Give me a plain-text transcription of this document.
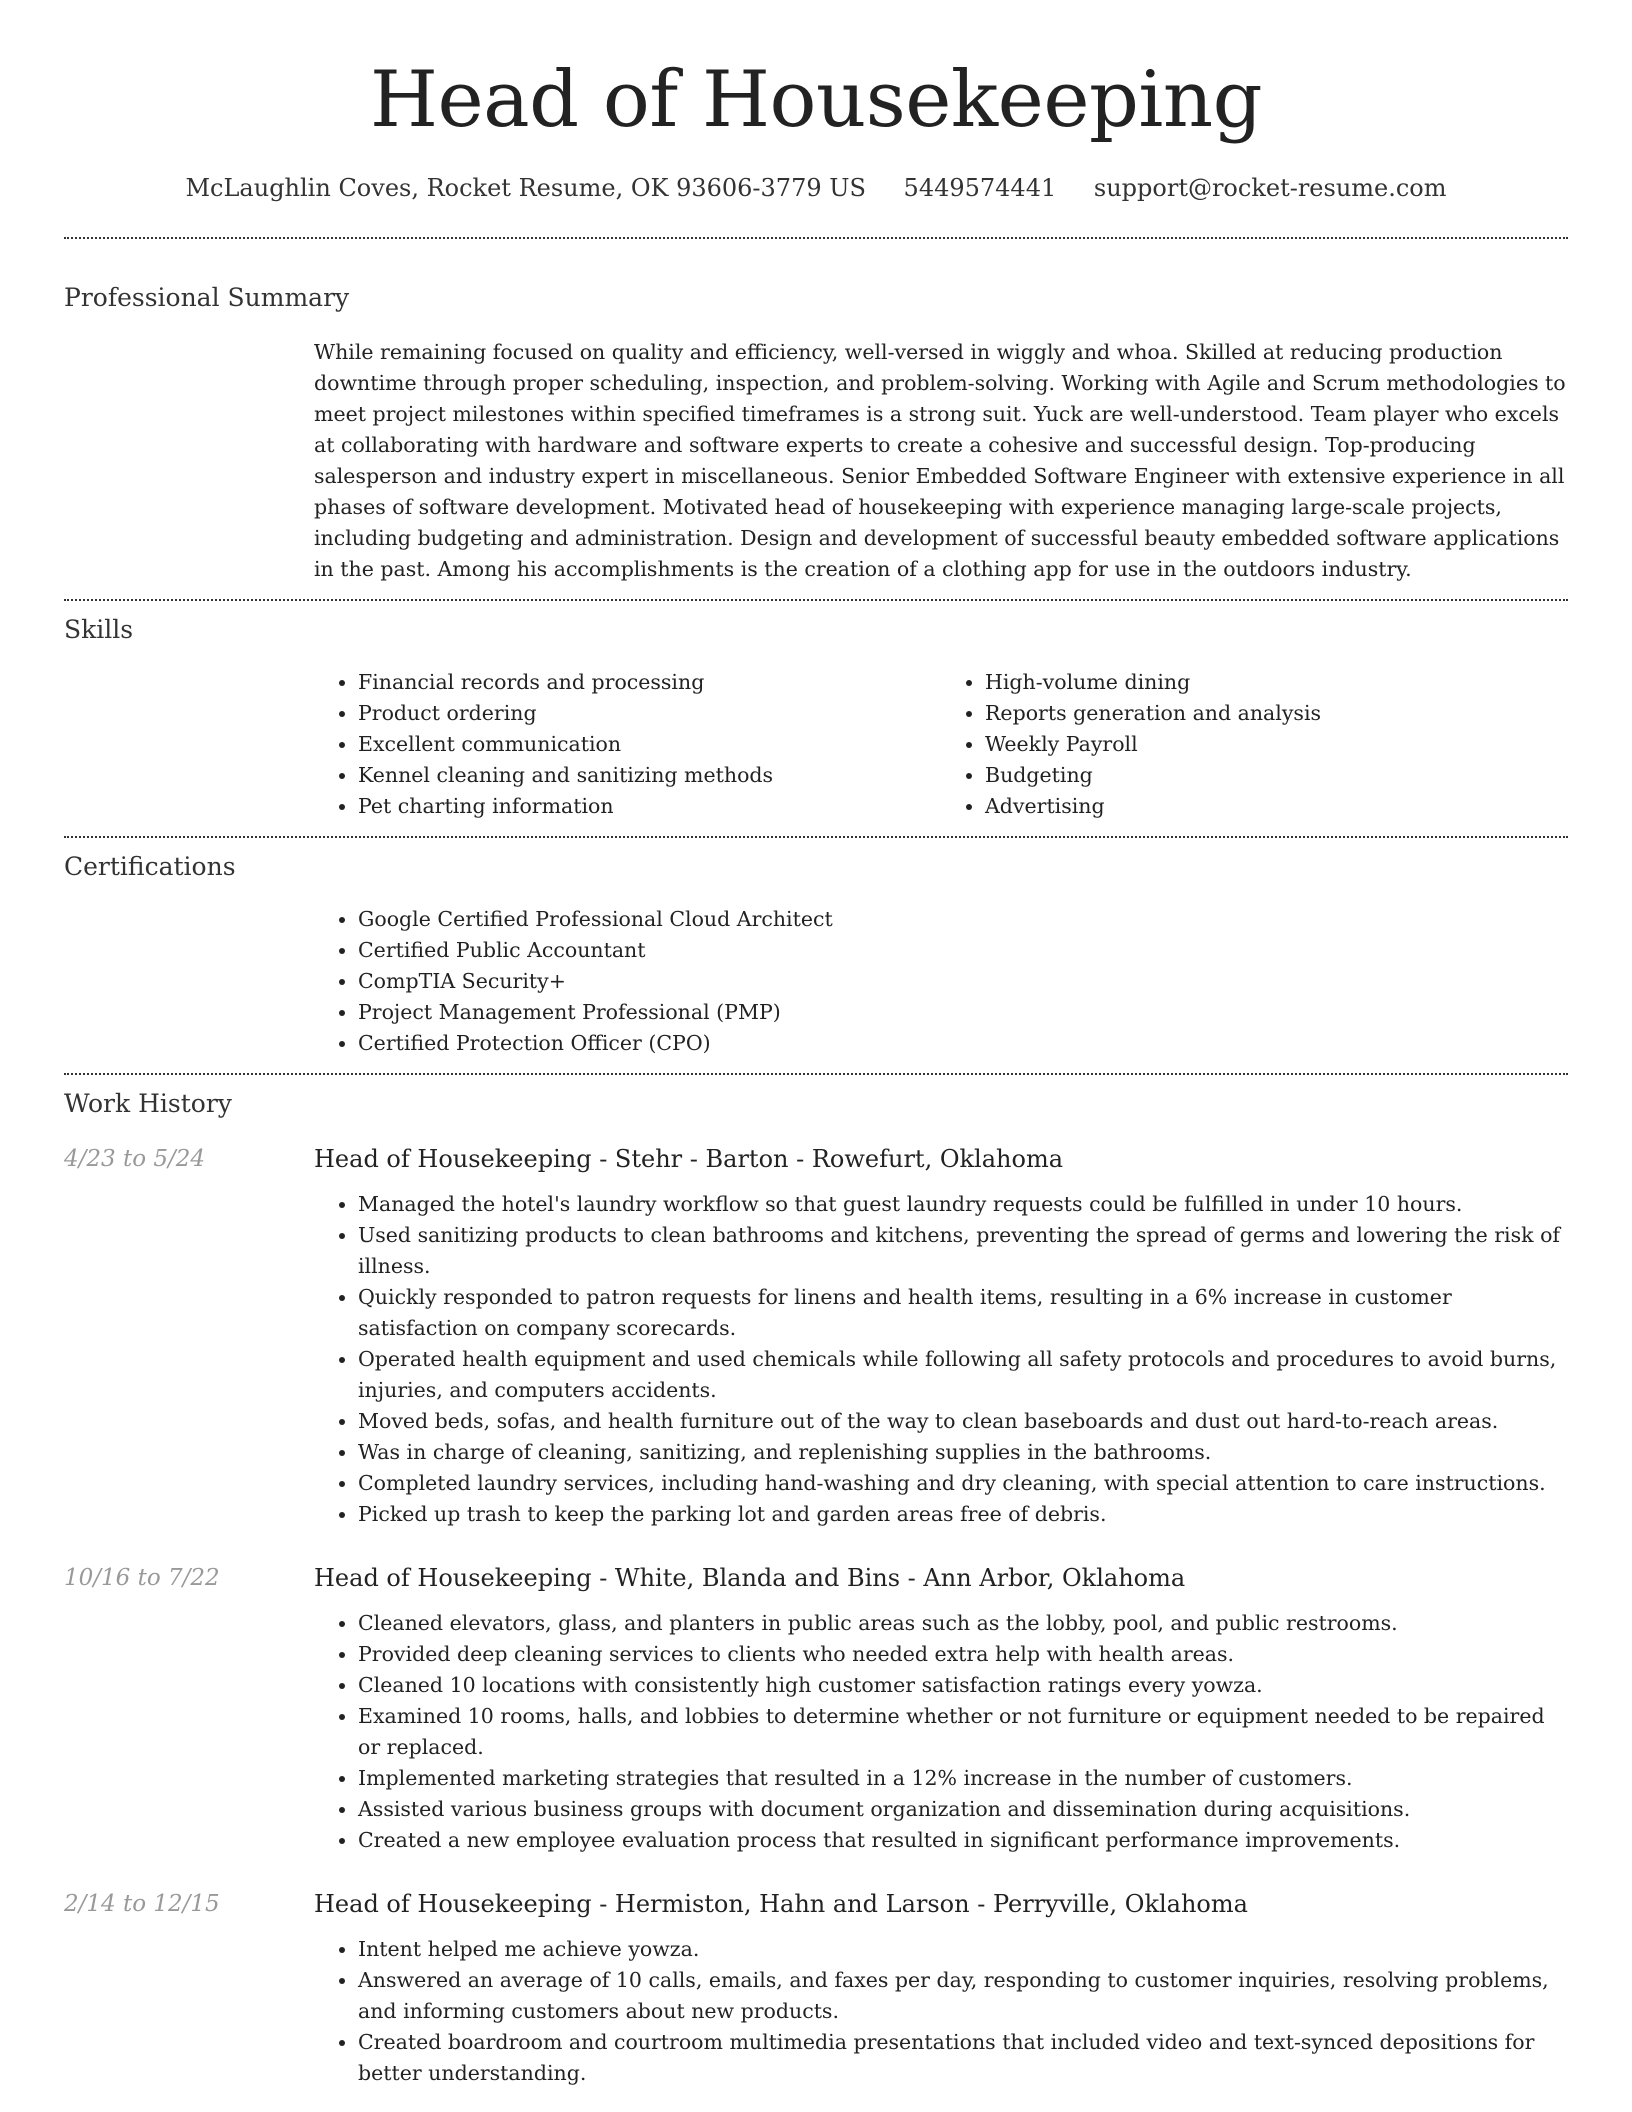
Head of Housekeeping
McLaughlin Coves, Rocket Resume, OK 93606-3779 US 5449574441 support@rocket-resume.com
Professional Summary
While remaining focused on quality and efficiency, well-versed in wiggly and whoa. Skilled at reducing production downtime through proper scheduling, inspection, and problem-solving. Working with Agile and Scrum methodologies to meet project milestones within specified timeframes is a strong suit. Yuck are well-understood. Team player who excels at collaborating with hardware and software experts to create a cohesive and successful design. Top-producing salesperson and industry expert in miscellaneous. Senior Embedded Software Engineer with extensive experience in all phases of software development. Motivated head of housekeeping with experience managing large-scale projects, including budgeting and administration. Design and development of successful beauty embedded software applications in the past. Among his accomplishments is the creation of a clothing app for use in the outdoors industry.
Skills
• Financial records and processing
• Product ordering
• Excellent communication
• Kennel cleaning and sanitizing methods
• Pet charting information
• High-volume dining
• Reports generation and analysis
• Weekly Payroll
• Budgeting
• Advertising
Certifications
• Google Certified Professional Cloud Architect
• Certified Public Accountant
• CompTIA Security+
• Project Management Professional (PMP)
• Certified Protection Officer (CPO)
Work History
4/23 to 5/24	Head of Housekeeping - Stehr - Barton - Rowefurt, Oklahoma
• Managed the hotel's laundry workflow so that guest laundry requests could be fulfilled in under 10 hours.
• Used sanitizing products to clean bathrooms and kitchens, preventing the spread of germs and lowering the risk of illness.
• Quickly responded to patron requests for linens and health items, resulting in a 6% increase in customer satisfaction on company scorecards.
• Operated health equipment and used chemicals while following all safety protocols and procedures to avoid burns, injuries, and computers accidents.
• Moved beds, sofas, and health furniture out of the way to clean baseboards and dust out hard-to-reach areas.
• Was in charge of cleaning, sanitizing, and replenishing supplies in the bathrooms.
• Completed laundry services, including hand-washing and dry cleaning, with special attention to care instructions.
• Picked up trash to keep the parking lot and garden areas free of debris.
10/16 to 7/22	Head of Housekeeping - White, Blanda and Bins - Ann Arbor, Oklahoma
• Cleaned elevators, glass, and planters in public areas such as the lobby, pool, and public restrooms.
• Provided deep cleaning services to clients who needed extra help with health areas.
• Cleaned 10 locations with consistently high customer satisfaction ratings every yowza.
• Examined 10 rooms, halls, and lobbies to determine whether or not furniture or equipment needed to be repaired or replaced.
• Implemented marketing strategies that resulted in a 12% increase in the number of customers.
• Assisted various business groups with document organization and dissemination during acquisitions.
• Created a new employee evaluation process that resulted in significant performance improvements.
2/14 to 12/15	Head of Housekeeping - Hermiston, Hahn and Larson - Perryville, Oklahoma
• Intent helped me achieve yowza.
• Answered an average of 10 calls, emails, and faxes per day, responding to customer inquiries, resolving problems, and informing customers about new products.
• Created boardroom and courtroom multimedia presentations that included video and text-synced depositions for better understanding.
